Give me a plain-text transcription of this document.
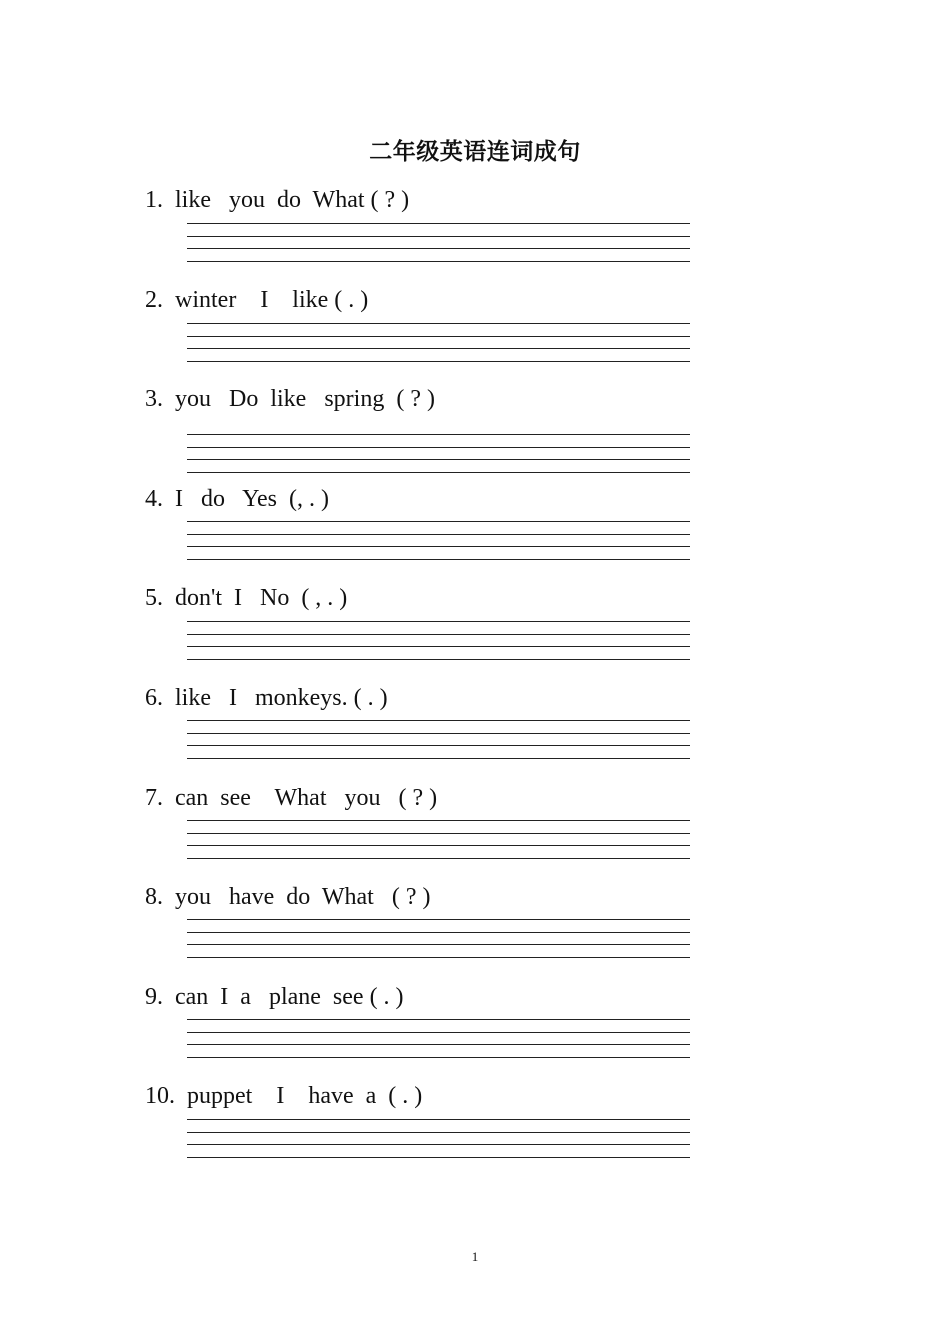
二年级英语连词成句
1.  like   you  do  What ( ? )
2.  winter    I    like ( . )
3.  you   Do  like   spring  ( ? )
4.  I   do   Yes  (, . )
5.  don't  I   No  ( , . )
6.  like   I   monkeys. ( . )
7.  can  see    What   you   ( ? )
8.  you   have  do  What   ( ? )
9.  can  I  a   plane  see ( . )
10.  puppet    I    have  a  ( . )
1
